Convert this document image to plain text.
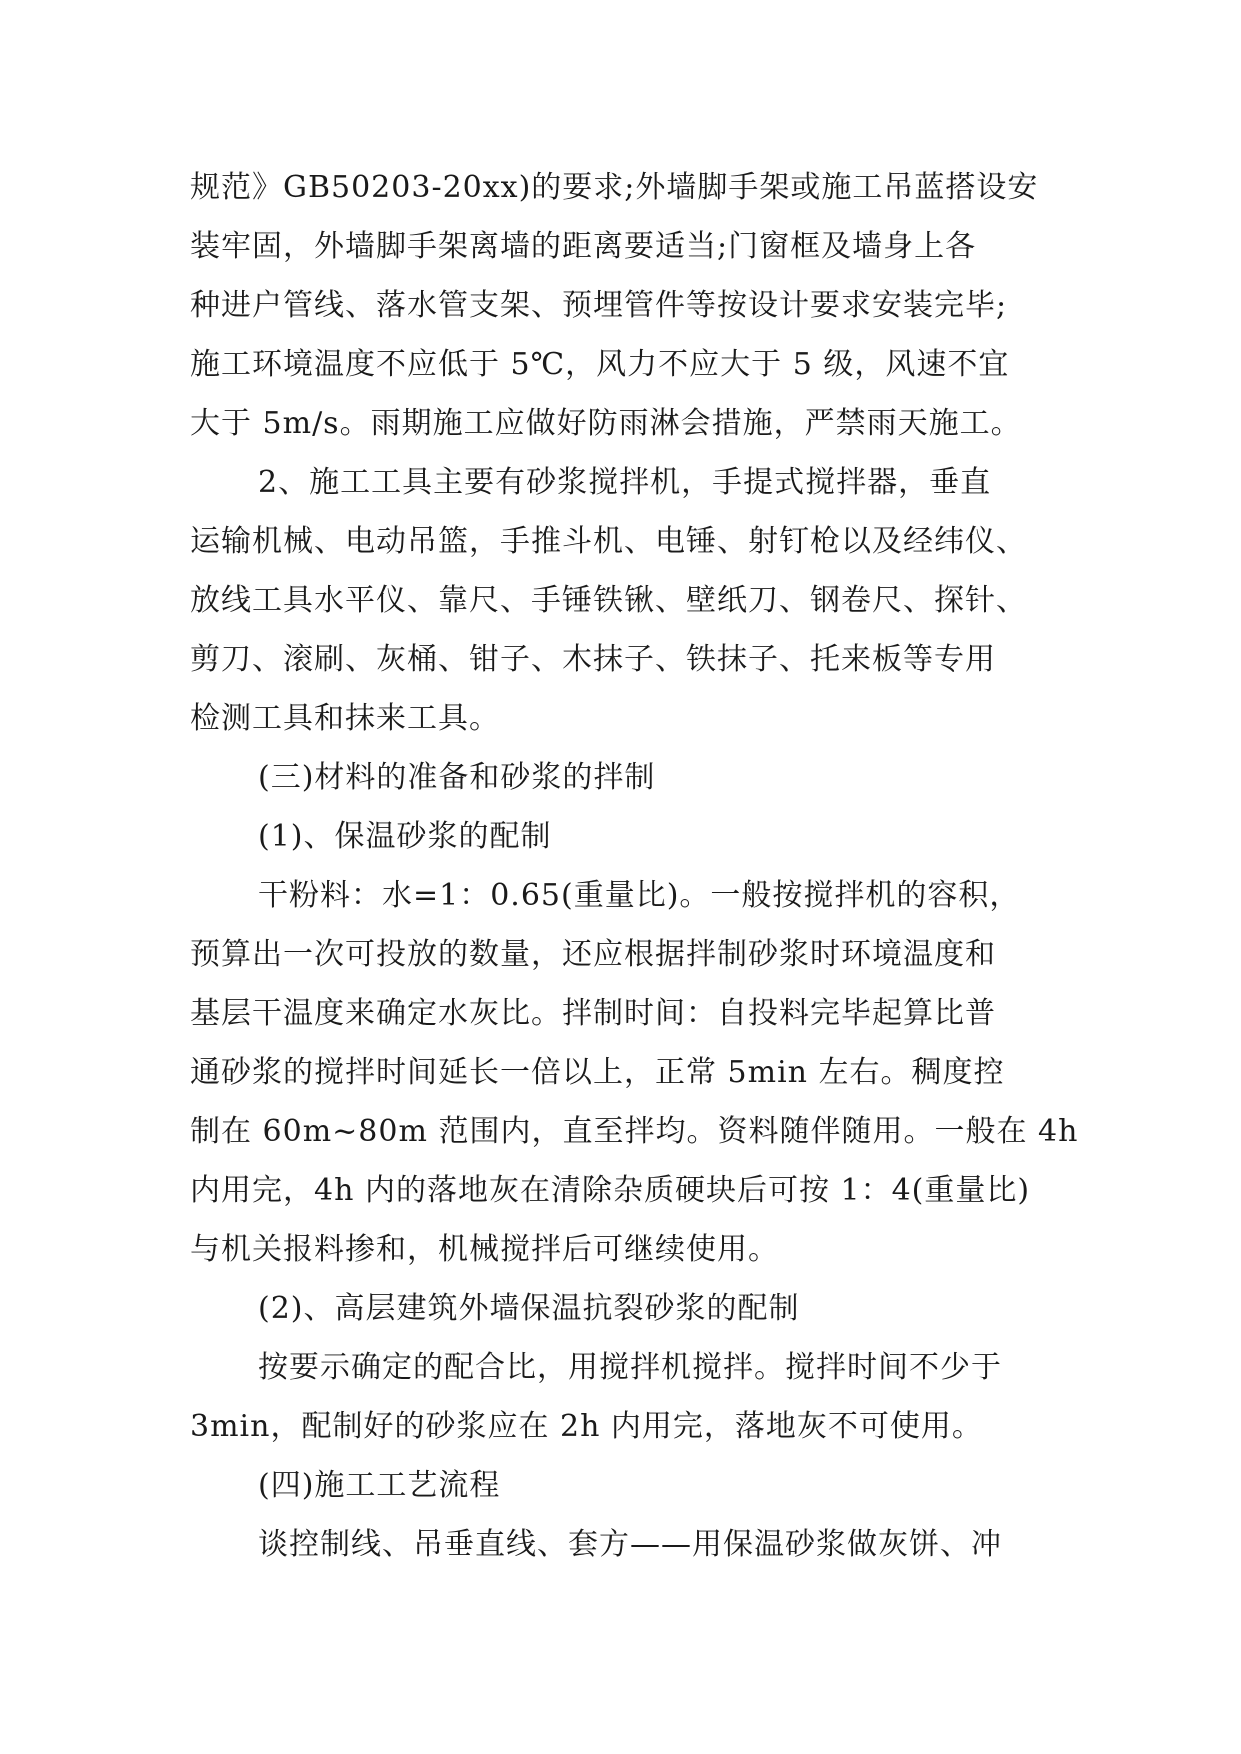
规范》GB50203-20xx)的要求;外墙脚手架或施工吊蓝搭设安
装牢固，外墙脚手架离墙的距离要适当;门窗框及墙身上各
种进户管线、落水管支架、预埋管件等按设计要求安装完毕;
施工环境温度不应低于 5℃，风力不应大于 5 级，风速不宜
大于 5m/s。雨期施工应做好防雨淋会措施，严禁雨天施工。
2、施工工具主要有砂浆搅拌机，手提式搅拌器，垂直
运输机械、电动吊篮，手推斗机、电锤、射钉枪以及经纬仪、
放线工具水平仪、靠尺、手锤铁锹、壁纸刀、钢卷尺、探针、
剪刀、滚刷、灰桶、钳子、木抹子、铁抹子、托来板等专用
检测工具和抹来工具。
(三)材料的准备和砂浆的拌制
(1)、保温砂浆的配制
干粉料：水=1：0.65(重量比)。一般按搅拌机的容积，
预算出一次可投放的数量，还应根据拌制砂浆时环境温度和
基层干温度来确定水灰比。拌制时间：自投料完毕起算比普
通砂浆的搅拌时间延长一倍以上，正常 5min 左右。稠度控
制在 60m~80m 范围内，直至拌均。资料随伴随用。一般在 4h
内用完，4h 内的落地灰在清除杂质硬块后可按 1：4(重量比)
与机关报料掺和，机械搅拌后可继续使用。
(2)、高层建筑外墙保温抗裂砂浆的配制
按要示确定的配合比，用搅拌机搅拌。搅拌时间不少于
3min，配制好的砂浆应在 2h 内用完，落地灰不可使用。
(四)施工工艺流程
谈控制线、吊垂直线、套方——用保温砂浆做灰饼、冲
